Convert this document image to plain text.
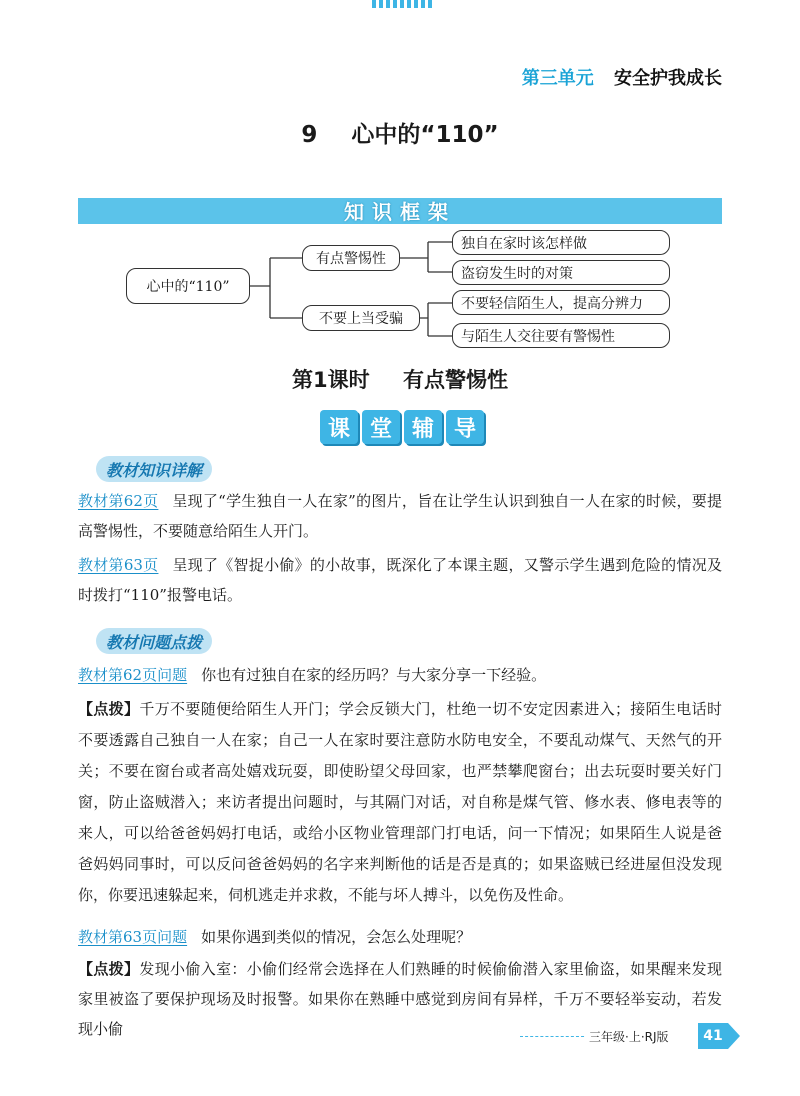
第三单元 安全护我成长
9 心中的“110”
知识框架
心中的“110”
有点警惕性
不要上当受骗
独自在家时该怎样做
盗窃发生时的对策
不要轻信陌生人，提高分辨力
与陌生人交往要有警惕性
第1课时 有点警惕性
课 堂 辅 导
教材知识详解
教材第62页 呈现了“学生独自一人在家”的图片，旨在让学生认识到独自一人在家的时候，要提高警惕性，不要随意给陌生人开门。
教材第63页 呈现了《智捉小偷》的小故事，既深化了本课主题，又警示学生遇到危险的情况及时拨打“110”报警电话。
教材问题点拨
教材第62页问题 你也有过独自在家的经历吗？与大家分享一下经验。
【点拨】千万不要随便给陌生人开门；学会反锁大门，杜绝一切不安定因素进入；接陌生电话时不要透露自己独自一人在家；自己一人在家时要注意防水防电安全，不要乱动煤气、天然气的开关；不要在窗台或者高处嬉戏玩耍，即使盼望父母回家，也严禁攀爬窗台；出去玩耍时要关好门窗，防止盗贼潜入；来访者提出问题时，与其隔门对话，对自称是煤气管、修水表、修电表等的来人，可以给爸爸妈妈打电话，或给小区物业管理部门打电话，问一下情况；如果陌生人说是爸爸妈妈同事时，可以反问爸爸妈妈的名字来判断他的话是否是真的；如果盗贼已经进屋但没发现你，你要迅速躲起来，伺机逃走并求救，不能与坏人搏斗，以免伤及性命。
教材第63页问题 如果你遇到类似的情况，会怎么处理呢？
【点拨】发现小偷入室：小偷们经常会选择在人们熟睡的时候偷偷潜入家里偷盗，如果醒来发现家里被盗了要保护现场及时报警。如果你在熟睡中感觉到房间有异样，千万不要轻举妄动，若发现小偷	三年级·上·RJ版	41
